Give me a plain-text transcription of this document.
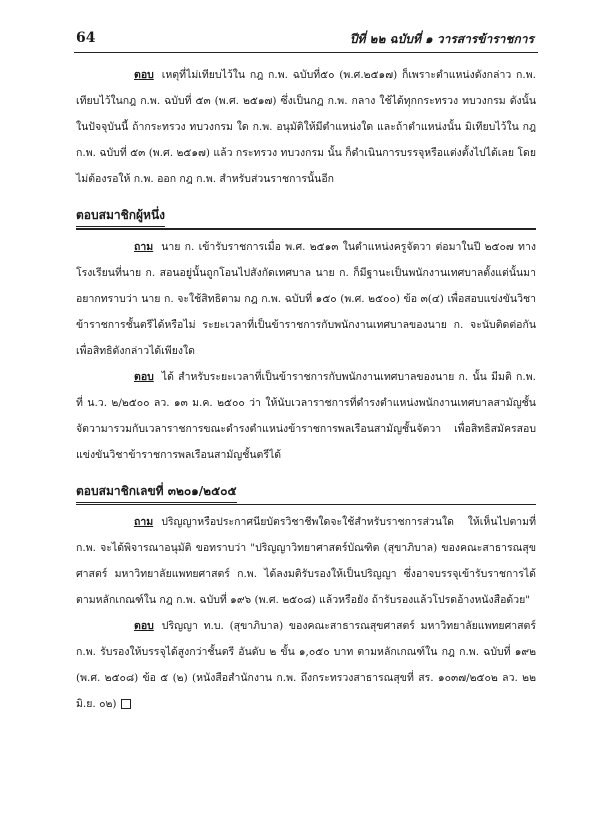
64	ปีที่ ๒๒ ฉบับที่ ๑ วารสารข้าราชการ

ตอบ เหตุที่ไม่เทียบไว้ใน กฎ ก.พ. ฉบับที่๕๐ (พ.ศ.๒๕๑๗) ก็เพราะตำแหน่งดังกล่าว ก.พ. เทียบไว้ในกฎ ก.พ. ฉบับที่ ๕๓ (พ.ศ. ๒๕๑๗) ซึ่งเป็นกฎ ก.พ. กลาง ใช้ได้ทุกกระทรวง ทบวงกรม ดังนั้น ในปัจจุบันนี้ ถ้ากระทรวง ทบวงกรม ใด ก.พ. อนุมัติให้มีตำแหน่งใด และถ้าตำแหน่งนั้น มิเทียบไว้ใน กฎ ก.พ. ฉบับที่ ๕๓ (พ.ศ. ๒๕๑๗) แล้ว กระทรวง ทบวงกรม นั้น ก็ดำเนินการบรรจุหรือแต่งตั้งไปได้เลย โดยไม่ต้องรอให้ ก.พ. ออก กฎ ก.พ. สำหรับส่วนราชการนั้นอีก

ตอบสมาชิกผู้หนึ่ง

ถาม นาย ก. เข้ารับราชการเมื่อ พ.ศ. ๒๕๑๓ ในตำแหน่งครูจัตวา ต่อมาในปี ๒๕๐๗ ทางโรงเรียนที่นาย ก. สอนอยู่นั้นถูกโอนไปสังกัดเทศบาล นาย ก. ก็มีฐานะเป็นพนักงานเทศบาลตั้งแต่นั้นมา อยากทราบว่า นาย ก. จะใช้สิทธิตาม กฎ ก.พ. ฉบับที่ ๑๕๐ (พ.ศ. ๒๕๐๐) ข้อ ๓(๔) เพื่อสอบแข่งขันวิชาข้าราชการชั้นตรีได้หรือไม่ ระยะเวลาที่เป็นข้าราชการกับพนักงานเทศบาลของนาย ก. จะนับติดต่อกัน เพื่อสิทธิดังกล่าวได้เพียงใด

ตอบ ได้ สำหรับระยะเวลาที่เป็นข้าราชการกับพนักงานเทศบาลของนาย ก. นั้น มีมติ ก.พ. ที่ น.ว. ๒/๒๕๐๐ ลว. ๑๓ ม.ค. ๒๕๐๐ ว่า ให้นับเวลาราชการที่ดำรงตำแหน่งพนักงานเทศบาลสามัญชั้นจัตวามารวมกับเวลาราชการขณะดำรงตำแหน่งข้าราชการพลเรือนสามัญชั้นจัตวา เพื่อสิทธิสมัครสอบแข่งขันวิชาข้าราชการพลเรือนสามัญชั้นตรีได้

ตอบสมาชิกเลขที่ ๓๒๐๑/๒๕๐๕

ถาม ปริญญาหรือประกาศนียบัตรวิชาชีพใดจะใช้สำหรับราชการส่วนใด ให้เห็นไปตามที่ ก.พ. จะได้พิจารณาอนุมัติ ขอทราบว่า "ปริญญาวิทยาศาสตร์บัณฑิต (สุขาภิบาล) ของคณะสาธารณสุขศาสตร์ มหาวิทยาลัยแพทยศาสตร์ ก.พ. ได้ลงมติรับรองให้เป็นปริญญา ซึ่งอาจบรรจุเข้ารับราชการได้ตามหลักเกณฑ์ใน กฎ ก.พ. ฉบับที่ ๑๙๖ (พ.ศ. ๒๕๐๘) แล้วหรือยัง ถ้ารับรองแล้วโปรดอ้างหนังสือด้วย"

ตอบ ปริญญา ท.บ. (สุขาภิบาล) ของคณะสาธารณสุขศาสตร์ มหาวิทยาลัยแพทยศาสตร์ ก.พ. รับรองให้บรรจุได้สูงกว่าชั้นตรี อันดับ ๒ ขั้น ๑,๐๕๐ บาท ตามหลักเกณฑ์ใน กฎ ก.พ. ฉบับที่ ๑๙๒ (พ.ศ. ๒๕๐๘) ข้อ ๕ (๒) (หนังสือสำนักงาน ก.พ. ถึงกระทรวงสาธารณสุขที่ สร. ๑๐๓๗/๒๕๐๒ ลว. ๒๒ มิ.ย. ๐๒)
